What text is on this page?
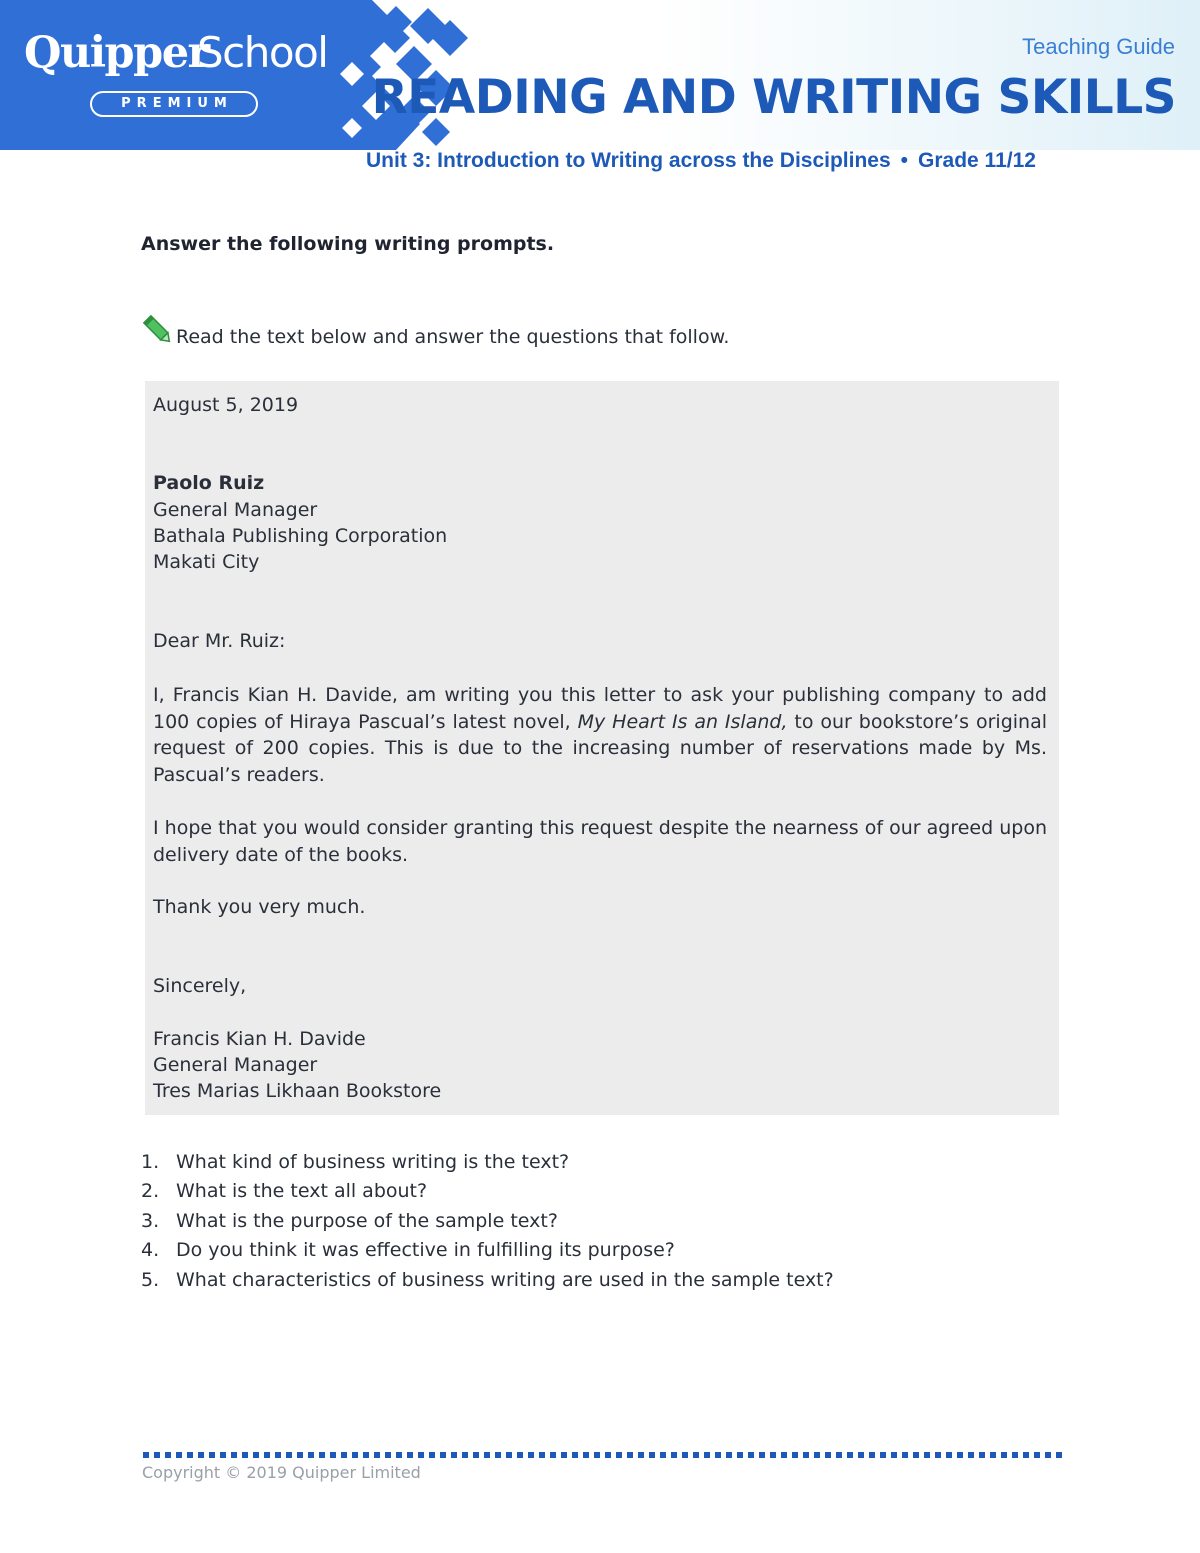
Quipper
School
PREMIUM
Teaching Guide
READING AND WRITING SKILLS
Unit 3: Introduction to Writing across the Disciplines • Grade 11/12
Answer the following writing prompts.
Read the text below and answer the questions that follow.
August 5, 2019
Paolo Ruiz
General Manager
Bathala Publishing Corporation
Makati City
Dear Mr. Ruiz:
I, Francis Kian H. Davide, am writing you this letter to ask your publishing company to add 100 copies of Hiraya Pascual’s latest novel, My Heart Is an Island, to our bookstore’s original request of 200 copies. This is due to the increasing number of reservations made by Ms. Pascual’s readers.
I hope that you would consider granting this request despite the nearness of our agreed upon delivery date of the books.
Thank you very much.
Sincerely,
Francis Kian H. Davide
General Manager
Tres Marias Likhaan Bookstore
1. What kind of business writing is the text?
2. What is the text all about?
3. What is the purpose of the sample text?
4. Do you think it was effective in fulfilling its purpose?
5. What characteristics of business writing are used in the sample text?
Copyright © 2019 Quipper Limited
